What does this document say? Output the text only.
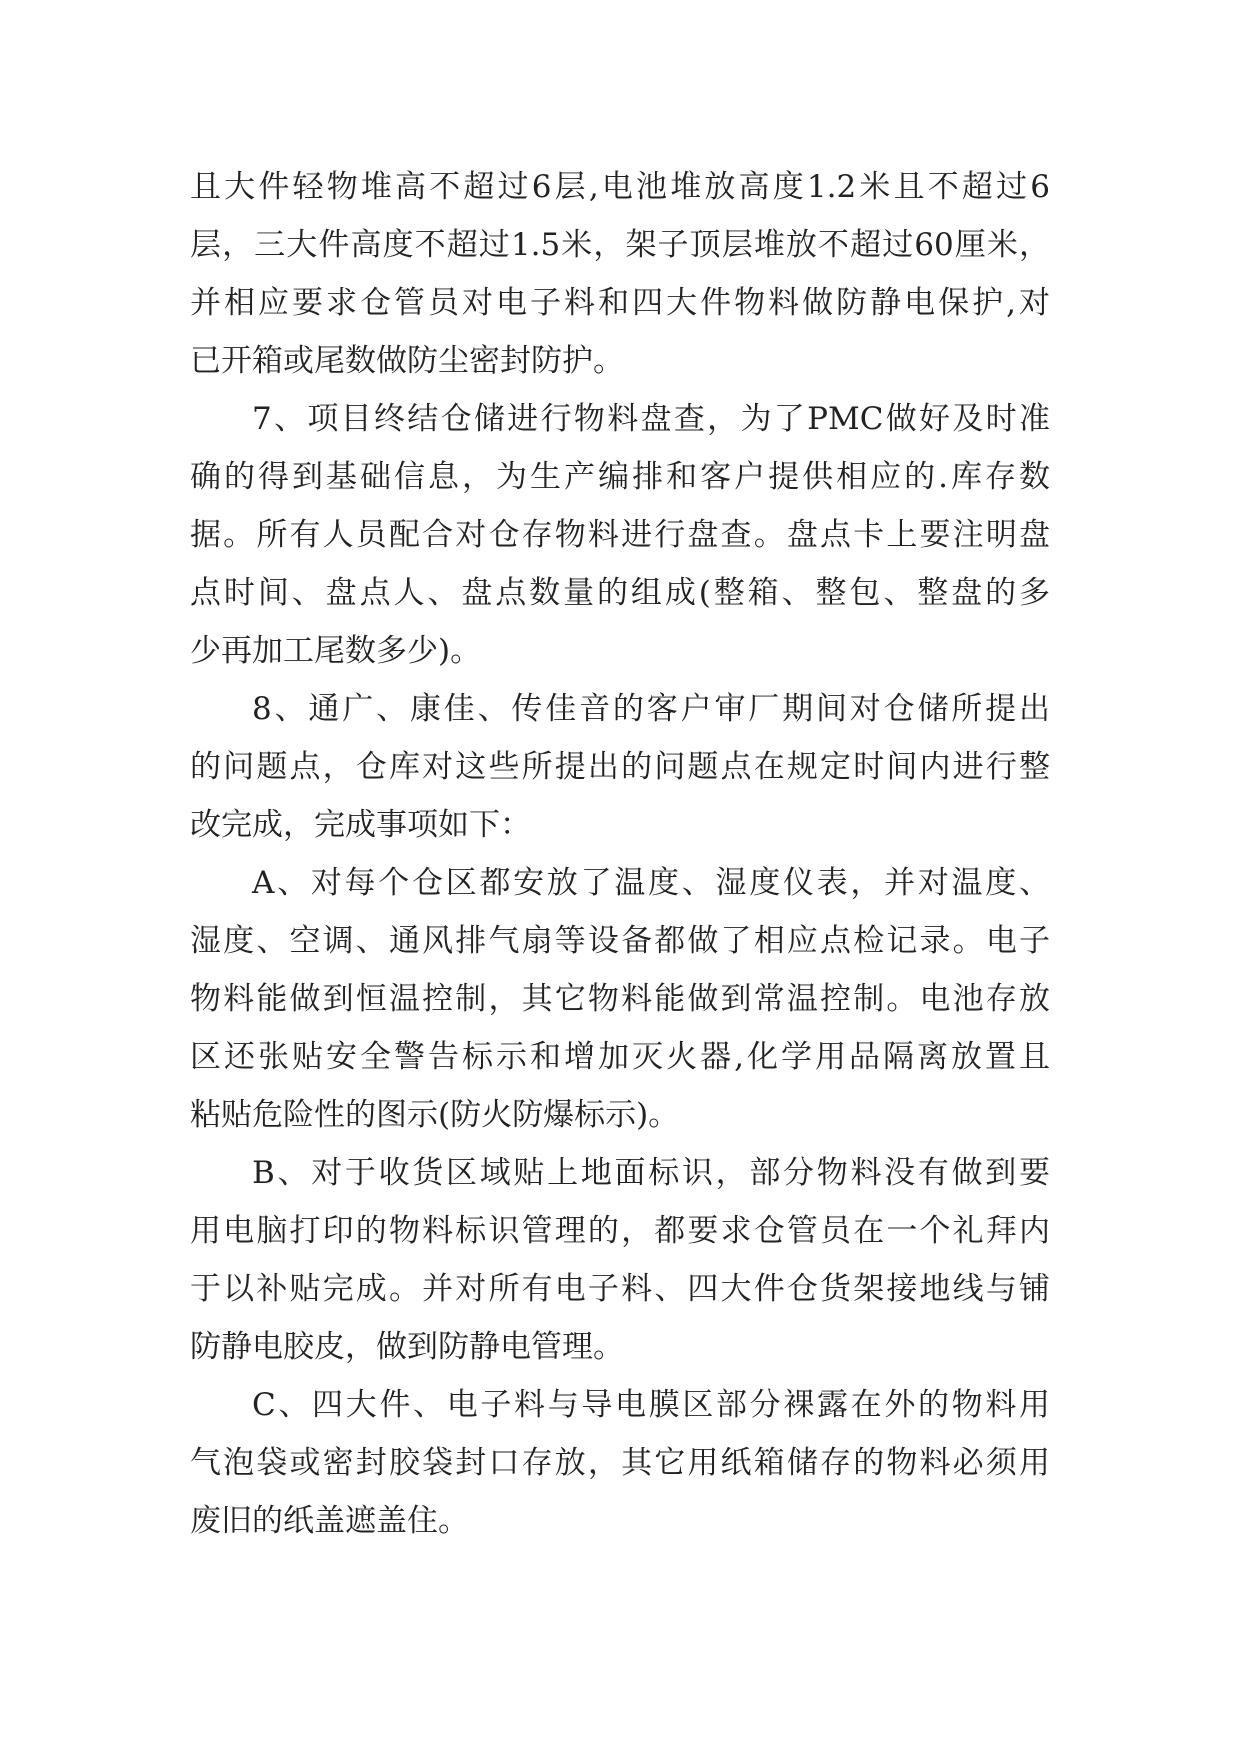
且大件轻物堆高不超过6层,电池堆放高度1.2米且不超过6
层，三大件高度不超过1.5米，架子顶层堆放不超过60厘米，
并相应要求仓管员对电子料和四大件物料做防静电保护,对
已开箱或尾数做防尘密封防护。
7、项目终结仓储进行物料盘查，为了PMC做好及时准
确的得到基础信息，为生产编排和客户提供相应的.库存数
据。所有人员配合对仓存物料进行盘查。盘点卡上要注明盘
点时间、盘点人、盘点数量的组成(整箱、整包、整盘的多
少再加工尾数多少)。
8、通广、康佳、传佳音的客户审厂期间对仓储所提出
的问题点，仓库对这些所提出的问题点在规定时间内进行整
改完成，完成事项如下：
A、对每个仓区都安放了温度、湿度仪表，并对温度、
湿度、空调、通风排气扇等设备都做了相应点检记录。电子
物料能做到恒温控制，其它物料能做到常温控制。电池存放
区还张贴安全警告标示和增加灭火器,化学用品隔离放置且
粘贴危险性的图示(防火防爆标示)。
B、对于收货区域贴上地面标识，部分物料没有做到要
用电脑打印的物料标识管理的，都要求仓管员在一个礼拜内
于以补贴完成。并对所有电子料、四大件仓货架接地线与铺
防静电胶皮，做到防静电管理。
C、四大件、电子料与导电膜区部分裸露在外的物料用
气泡袋或密封胶袋封口存放，其它用纸箱储存的物料必须用
废旧的纸盖遮盖住。
